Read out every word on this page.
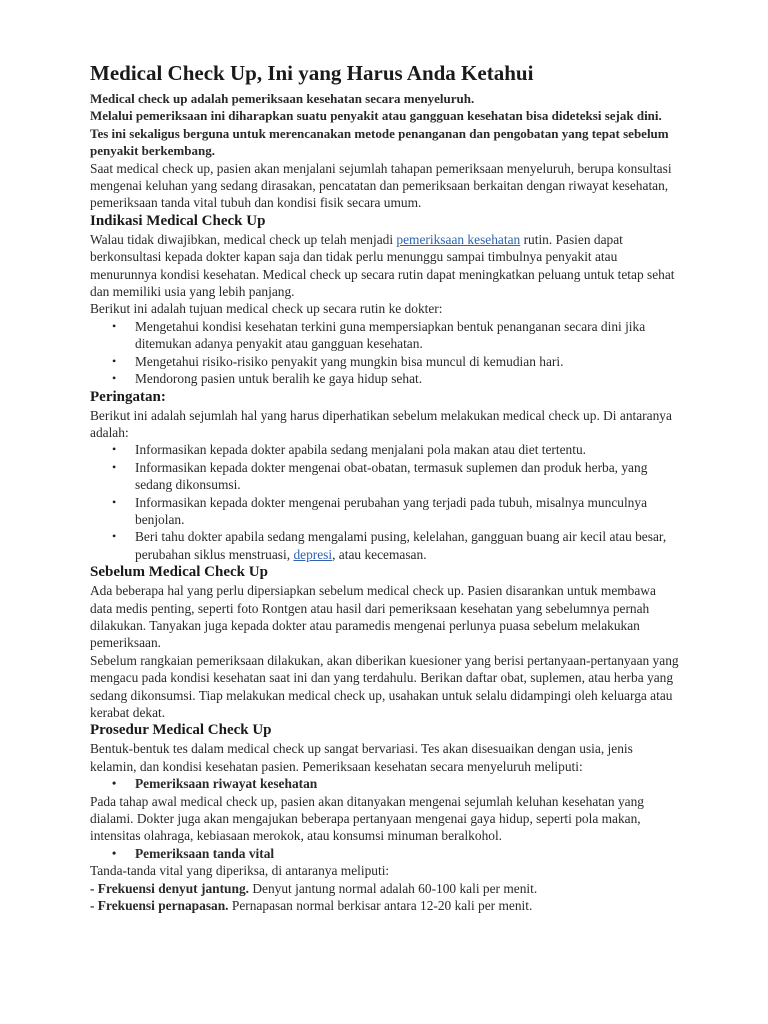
Medical Check Up, Ini yang Harus Anda Ketahui

Medical check up adalah pemeriksaan kesehatan secara menyeluruh.

Melalui pemeriksaan ini diharapkan suatu penyakit atau gangguan kesehatan bisa dideteksi sejak dini. Tes ini sekaligus berguna untuk merencanakan metode penanganan dan pengobatan yang tepat sebelum penyakit berkembang.

Saat medical check up, pasien akan menjalani sejumlah tahapan pemeriksaan menyeluruh, berupa konsultasi mengenai keluhan yang sedang dirasakan, pencatatan dan pemeriksaan berkaitan dengan riwayat kesehatan, pemeriksaan tanda vital tubuh dan kondisi fisik secara umum.

Indikasi Medical Check Up

Walau tidak diwajibkan, medical check up telah menjadi pemeriksaan kesehatan rutin. Pasien dapat berkonsultasi kepada dokter kapan saja dan tidak perlu menunggu sampai timbulnya penyakit atau menurunnya kondisi kesehatan. Medical check up secara rutin dapat meningkatkan peluang untuk tetap sehat dan memiliki usia yang lebih panjang.

Berikut ini adalah tujuan medical check up secara rutin ke dokter:

• Mengetahui kondisi kesehatan terkini guna mempersiapkan bentuk penanganan secara dini jika ditemukan adanya penyakit atau gangguan kesehatan.
• Mengetahui risiko-risiko penyakit yang mungkin bisa muncul di kemudian hari.
• Mendorong pasien untuk beralih ke gaya hidup sehat.
Peringatan:

Berikut ini adalah sejumlah hal yang harus diperhatikan sebelum melakukan medical check up. Di antaranya adalah:

• Informasikan kepada dokter apabila sedang menjalani pola makan atau diet tertentu.
• Informasikan kepada dokter mengenai obat-obatan, termasuk suplemen dan produk herba, yang sedang dikonsumsi.
• Informasikan kepada dokter mengenai perubahan yang terjadi pada tubuh, misalnya munculnya benjolan.
• Beri tahu dokter apabila sedang mengalami pusing, kelelahan, gangguan buang air kecil atau besar, perubahan siklus menstruasi, depresi, atau kecemasan.
Sebelum Medical Check Up

Ada beberapa hal yang perlu dipersiapkan sebelum medical check up. Pasien disarankan untuk membawa data medis penting, seperti foto Rontgen atau hasil dari pemeriksaan kesehatan yang sebelumnya pernah dilakukan. Tanyakan juga kepada dokter atau paramedis mengenai perlunya puasa sebelum melakukan pemeriksaan.

Sebelum rangkaian pemeriksaan dilakukan, akan diberikan kuesioner yang berisi pertanyaan-pertanyaan yang mengacu pada kondisi kesehatan saat ini dan yang terdahulu. Berikan daftar obat, suplemen, atau herba yang sedang dikonsumsi. Tiap melakukan medical check up, usahakan untuk selalu didampingi oleh keluarga atau kerabat dekat.

Prosedur Medical Check Up

Bentuk-bentuk tes dalam medical check up sangat bervariasi. Tes akan disesuaikan dengan usia, jenis kelamin, dan kondisi kesehatan pasien. Pemeriksaan kesehatan secara menyeluruh meliputi:

• Pemeriksaan riwayat kesehatan

Pada tahap awal medical check up, pasien akan ditanyakan mengenai sejumlah keluhan kesehatan yang dialami. Dokter juga akan mengajukan beberapa pertanyaan mengenai gaya hidup, seperti pola makan, intensitas olahraga, kebiasaan merokok, atau konsumsi minuman beralkohol.

• Pemeriksaan tanda vital

Tanda-tanda vital yang diperiksa, di antaranya meliputi:

- Frekuensi denyut jantung. Denyut jantung normal adalah 60-100 kali per menit.

- Frekuensi pernapasan. Pernapasan normal berkisar antara 12-20 kali per menit.
